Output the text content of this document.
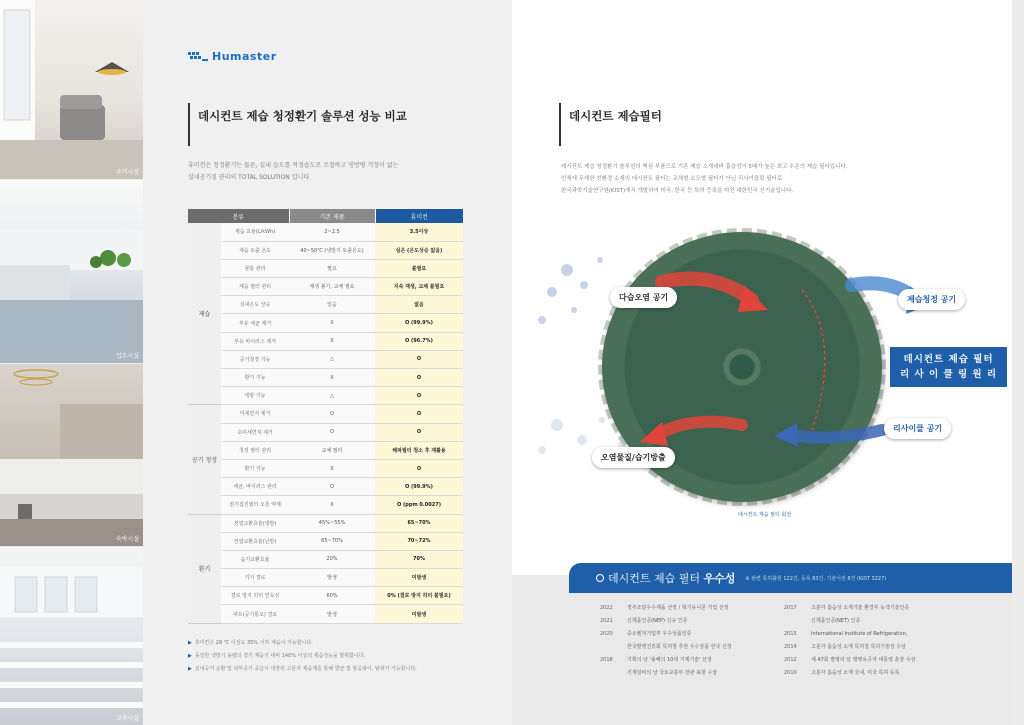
주거시설
업무시설
숙박시설
교육시설
Humaster
데시컨트 제습 청정환기 솔루션 성능 비교
휴미컨은 청정환기는 물론, 실내 습도를 적정습도로 조절하고 냉방병 걱정이 없는
실내공기질 관리의 TOTAL SOLUTION 입니다.
분류		기존 제품	휴미컨
제습	제습 효율(L/kWh)	2~2.5	3.5이상
	제습 토출 온도	40~50℃ (냉방기 토출온도)	실온 (온도상승 없음)
	물통 관리	필요	불필요
	제습 필터 관리	재생 불가, 교체 필요	지속 재생, 교체 불필요
	실내온도 상승	있음	없음
	부유 세균 제거	X	O (99.9%)
	부유 바이러스 제거	X	O (96.7%)
	공기청정 기능	△	O
	환기 기능	X	O
	냉방 기능	△	O
공기 청정	미세먼지 제거	O	O
	초미세먼지 제거	O	O
	청정 필터 관리	교체 필터	헤파필터 청소 후 재활용
	환기 기능	X	O
	세균, 바이러스 관리	O	O (99.9%)
	전기집진필터 오존 억제	X	O (ppm 0.0027)
환기	전열교환효율(냉방)	45%~55%	65~70%
	전열교환효율(난방)	65~70%	70~72%
	습기교환효율	20%	70%
	기기 결로	발생	미발생
	결로 방지 히터 연속성	60%	0% (결로 방지 히터 불필요)
	덕트(공기통로) 결로	발생	미발생
▶ 휴미컨은 28 ℃ 이상도 35% 이하 제습이 가능합니다.
▶ 동일한 냉방기 용량의 경기 제습기 대비 140% 이상의 제습성능을 발휘합니다.
▶ 실내공기 순환 및 외부공기 공급시 내장된 고분자 제습제를 통해 향균 및 항곰팡이, 탈취가 가능합니다.
데시컨트 제습필터
데시컨트 제습 청정환기 솔루션의 핵심 부품으로 기존 제습 소재대비 흡습성이 5배가 높은 최고 수준의 제습 필터입니다.
인체에 무해한 친환경 소재의 데시컨트 필터는 교체형 소모형 필터가 아닌 리사이클링 필터로
한국과학기술연구원(KIST)에서 개발하여 미국, 한국 등 특허 등록을 마친 대한민국 신기술입니다.
다습오염 공기	제습청정 공기
데시컨트 제습 필터
리 사 이 클 링 원 리
리사이클 공기
오염물질/습기방출
데시컨트 제습 필터 회전
데시컨트 제습 필터 우수성 ※ 관련 특허출원 122건, 등록 83건, 기술이전 8건 (KIST 3227)
2022	정부조달우수제품 선정 / 혁기유니콘 기업 선정
2021	신제품인증(NEP) 신규 인증
2020	중소벤처기업부 우수상품인증
한국발명진흥회 특허청 추천 우수상품 한국 신청
2018	기획의 날 '올해의 10대 기계기술' 선정
기계설비의 날 국토교통부 장관 표창 수상
2017	고분자 흡습성 소재기술 환경부 녹색기술인증
신제품인증(NET) 인증
2015	International Institute of Refrigeration,
2014	고분자 흡습성 소재 특허청 특허기술상 수상
2012	제 47회 발명의 날 발명유공자 대통령 훈장 수상
2010	고분자 흡습성 소재 국내, 미국 특허 등록
